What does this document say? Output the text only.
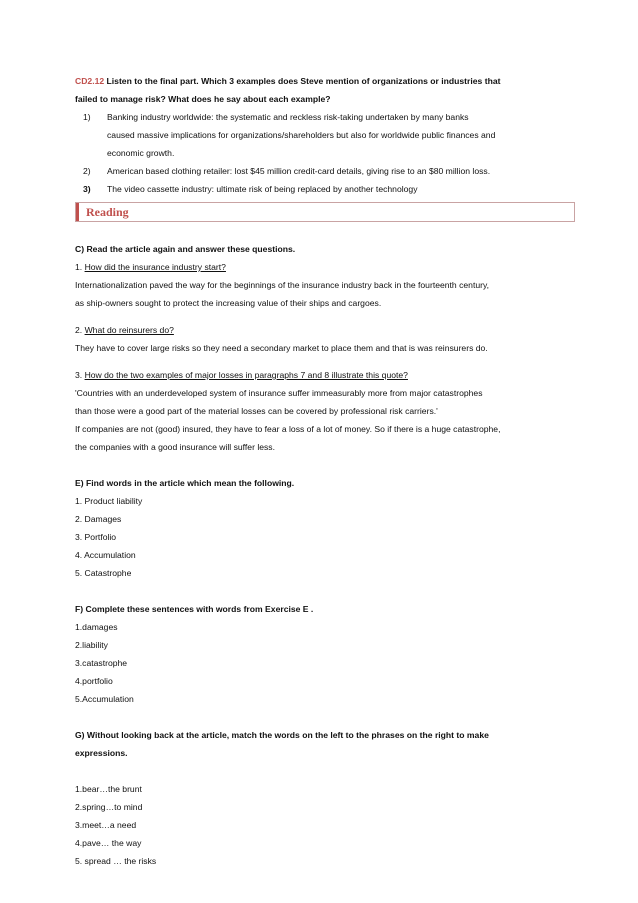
CD2.12 Listen to the final part. Which 3 examples does Steve mention of organizations or industries that

failed to manage risk? What does he say about each example?

1) Banking industry worldwide: the systematic and reckless risk-taking undertaken by many banks
caused massive implications for organizations/shareholders but also for worldwide public finances and
economic growth.
2) American based clothing retailer: lost $45 million credit-card details, giving rise to an $80 million loss.
3) The video cassette industry: ultimate risk of being replaced by another technology
Reading

C) Read the article again and answer these questions.

1. How did the insurance industry start?

Internationalization paved the way for the beginnings of the insurance industry back in the fourteenth century,

as ship-owners sought to protect the increasing value of their ships and cargoes.

2. What do reinsurers do?

They have to cover large risks so they need a secondary market to place them and that is was reinsurers do.

3. How do the two examples of major losses in paragraphs 7 and 8 illustrate this quote?

'Countries with an underdeveloped system of insurance suffer immeasurably more from major catastrophes

than those were a good part of the material losses can be covered by professional risk carriers.'

If companies are not (good) insured, they have to fear a loss of a lot of money. So if there is a huge catastrophe,

the companies with a good insurance will suffer less.

E) Find words in the article which mean the following.

1. Product liability

2. Damages

3. Portfolio

4. Accumulation

5. Catastrophe

F) Complete these sentences with words from Exercise E .

1.damages

2.liability

3.catastrophe

4.portfolio

5.Accumulation

G) Without looking back at the article, match the words on the left to the phrases on the right to make

expressions.

1.bear…the brunt

2.spring…to mind

3.meet…a need

4.pave… the way

5. spread … the risks
